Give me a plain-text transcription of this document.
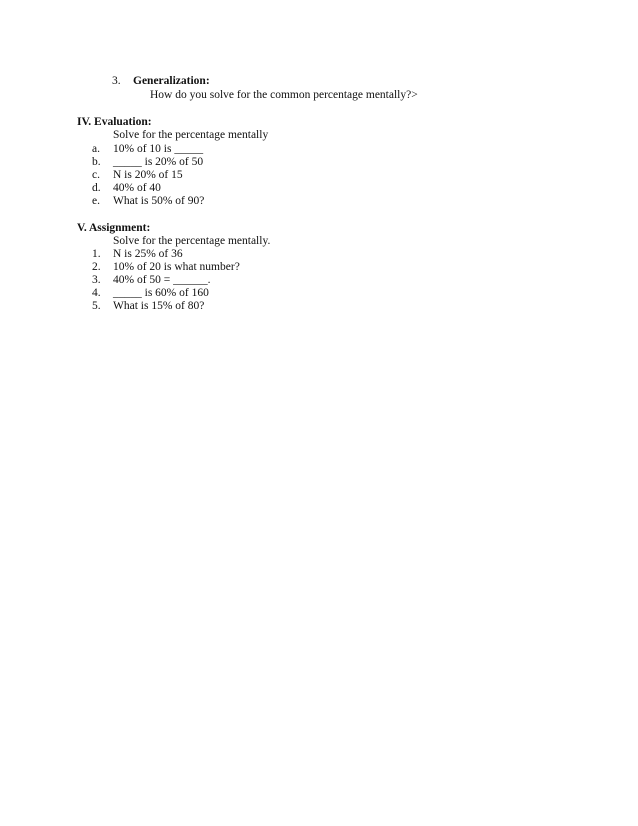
3. Generalization:
How do you solve for the common percentage mentally?>
IV. Evaluation:
Solve for the percentage mentally
a. 10% of 10 is _____
b. _____ is 20% of 50
c. N is 20% of 15
d. 40% of 40
e. What is 50% of 90?
V. Assignment:
Solve for the percentage mentally.
1. N is 25% of 36
2. 10% of 20 is what number?
3. 40% of 50 = ______.
4. _____ is 60% of 160
5. What is 15% of 80?
